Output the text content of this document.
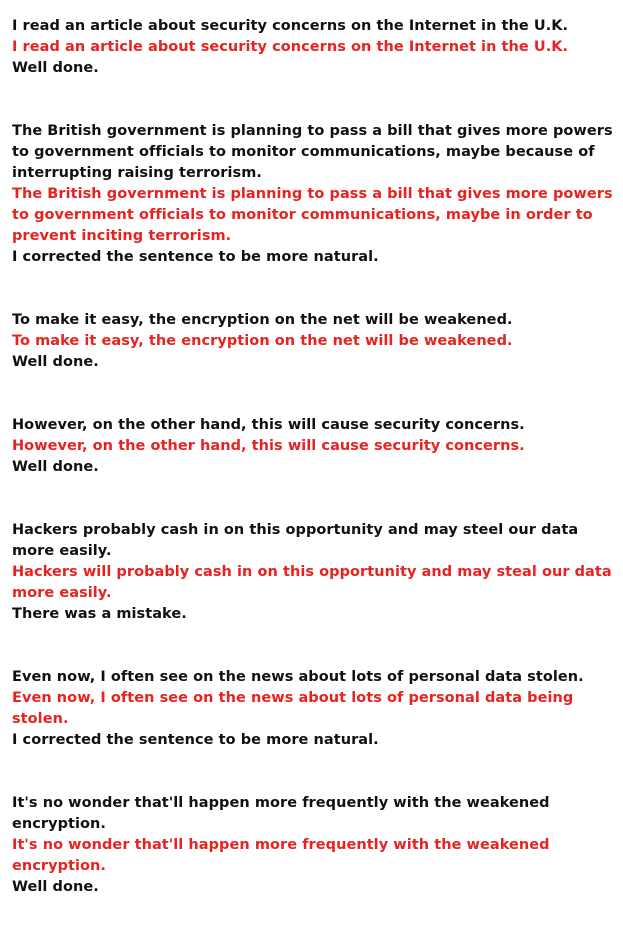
I read an article about security concerns on the Internet in the U.K.
I read an article about security concerns on the Internet in the U.K.
Well done.
The British government is planning to pass a bill that gives more powers to government officials to monitor communications, maybe because of interrupting raising terrorism.
The British government is planning to pass a bill that gives more powers to government officials to monitor communications, maybe in order to prevent inciting terrorism.
I corrected the sentence to be more natural.
To make it easy, the encryption on the net will be weakened.
To make it easy, the encryption on the net will be weakened.
Well done.
However, on the other hand, this will cause security concerns.
However, on the other hand, this will cause security concerns.
Well done.
Hackers probably cash in on this opportunity and may steel our data more easily.
Hackers will probably cash in on this opportunity and may steal our data more easily.
There was a mistake.
Even now, I often see on the news about lots of personal data stolen.
Even now, I often see on the news about lots of personal data being stolen.
I corrected the sentence to be more natural.
It's no wonder that'll happen more frequently with the weakened encryption.
It's no wonder that'll happen more frequently with the weakened encryption.
Well done.
